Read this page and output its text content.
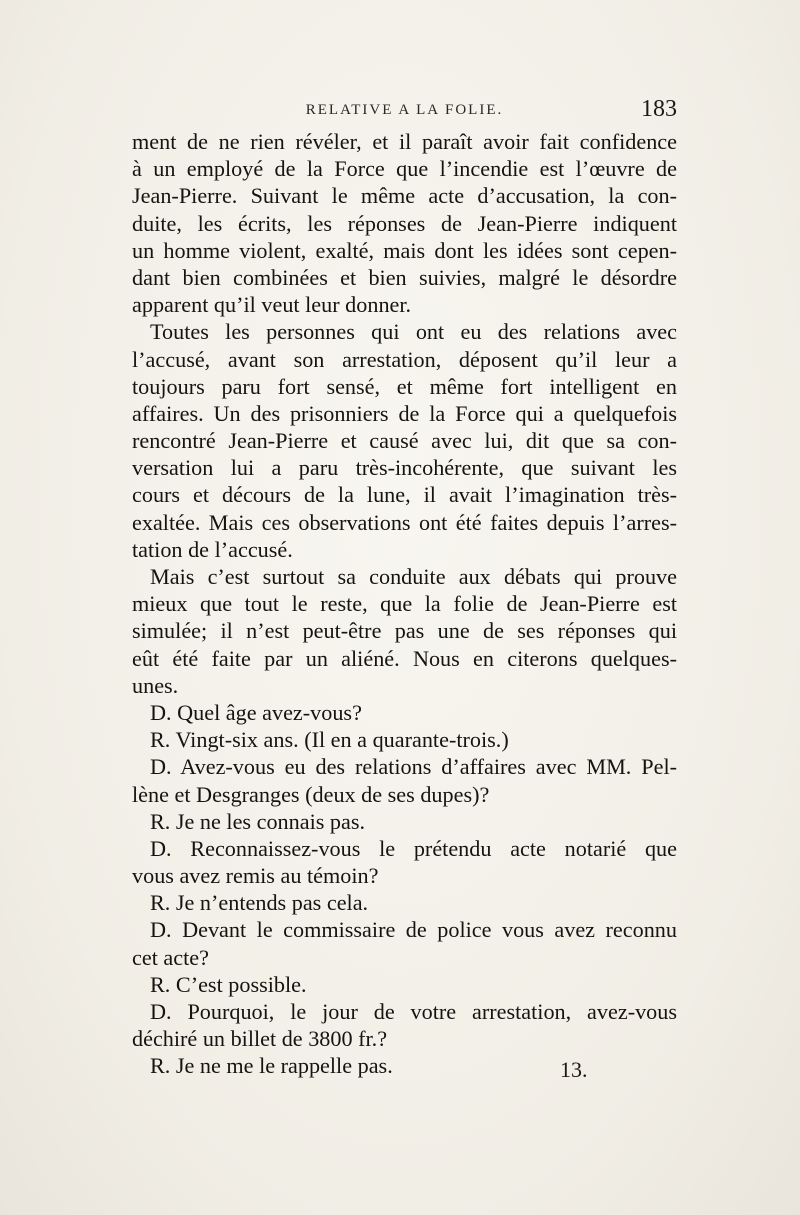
RELATIVE A LA FOLIE.	183
ment de ne rien révéler, et il paraît avoir fait confidence
à un employé de la Force que l’incendie est l’œuvre de
Jean-Pierre. Suivant le même acte d’accusation, la con-
duite, les écrits, les réponses de Jean-Pierre indiquent
un homme violent, exalté, mais dont les idées sont cepen-
dant bien combinées et bien suivies, malgré le désordre
apparent qu’il veut leur donner.
Toutes les personnes qui ont eu des relations avec
l’accusé, avant son arrestation, déposent qu’il leur a
toujours paru fort sensé, et même fort intelligent en
affaires. Un des prisonniers de la Force qui a quelquefois
rencontré Jean-Pierre et causé avec lui, dit que sa con-
versation lui a paru très-incohérente, que suivant les
cours et décours de la lune, il avait l’imagination très-
exaltée. Mais ces observations ont été faites depuis l’arres-
tation de l’accusé.
Mais c’est surtout sa conduite aux débats qui prouve
mieux que tout le reste, que la folie de Jean-Pierre est
simulée; il n’est peut-être pas une de ses réponses qui
eût été faite par un aliéné. Nous en citerons quelques-
unes.
D. Quel âge avez-vous?
R. Vingt-six ans. (Il en a quarante-trois.)
D. Avez-vous eu des relations d’affaires avec MM. Pel-
lène et Desgranges (deux de ses dupes)?
R. Je ne les connais pas.
D. Reconnaissez-vous le prétendu acte notarié que
vous avez remis au témoin?
R. Je n’entends pas cela.
D. Devant le commissaire de police vous avez reconnu
cet acte?
R. C’est possible.
D. Pourquoi, le jour de votre arrestation, avez-vous
déchiré un billet de 3800 fr.?
R. Je ne me le rappelle pas.	13.
